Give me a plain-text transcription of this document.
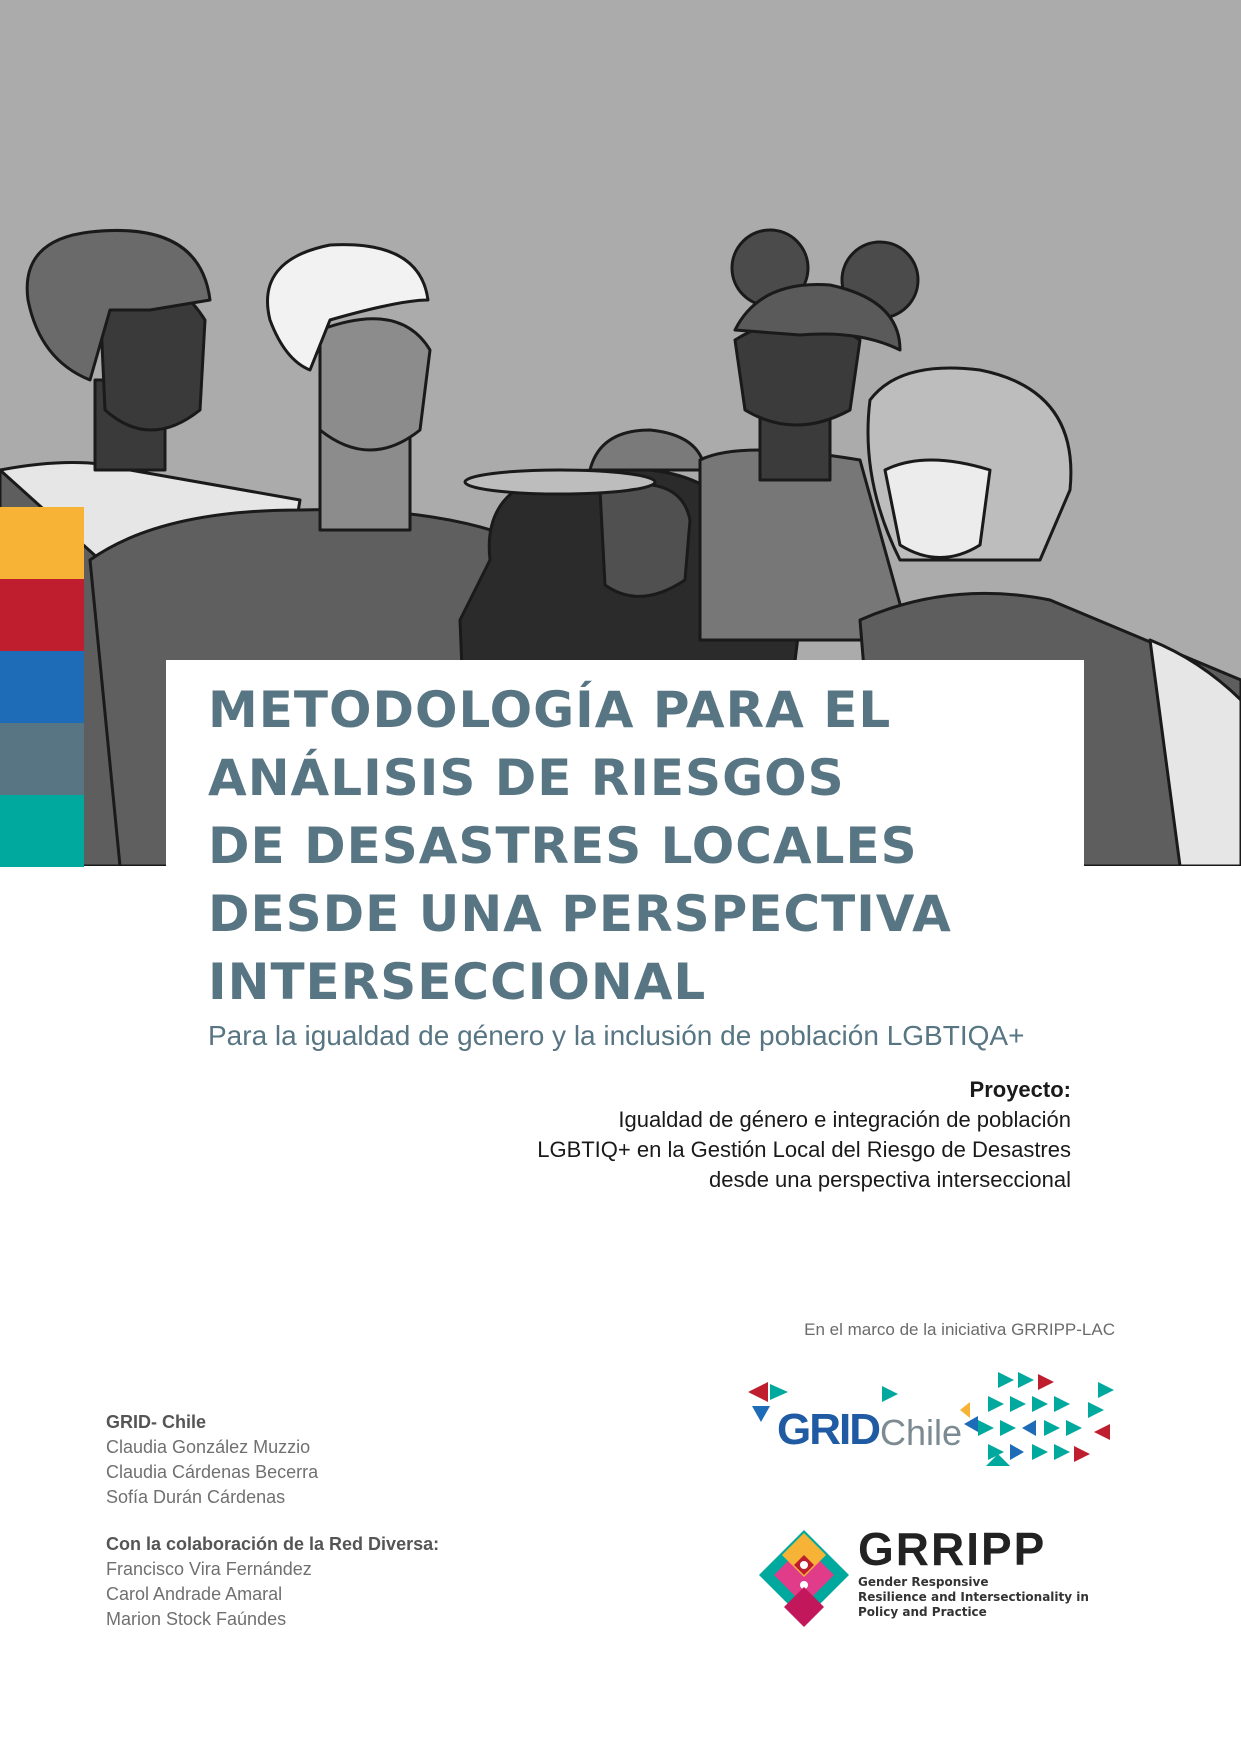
METODOLOGÍA PARA EL
ANÁLISIS DE RIESGOS
DE DESASTRES LOCALES
DESDE UNA PERSPECTIVA
INTERSECCIONAL
Para la igualdad de género y la inclusión de población LGBTIQA+
Proyecto:
Igualdad de género e integración de población
LGBTIQ+ en la Gestión Local del Riesgo de Desastres
desde una perspectiva interseccional
En el marco de la iniciativa GRRIPP-LAC
GRID- Chile
Claudia González Muzzio
Claudia Cárdenas Becerra
Sofía Durán Cárdenas
Con la colaboración de la Red Diversa:
Francisco Vira Fernández
Carol Andrade Amaral
Marion Stock Faúndes
GRID Chile
GRRIPP
Gender Responsive
Resilience and Intersectionality in
Policy and Practice
